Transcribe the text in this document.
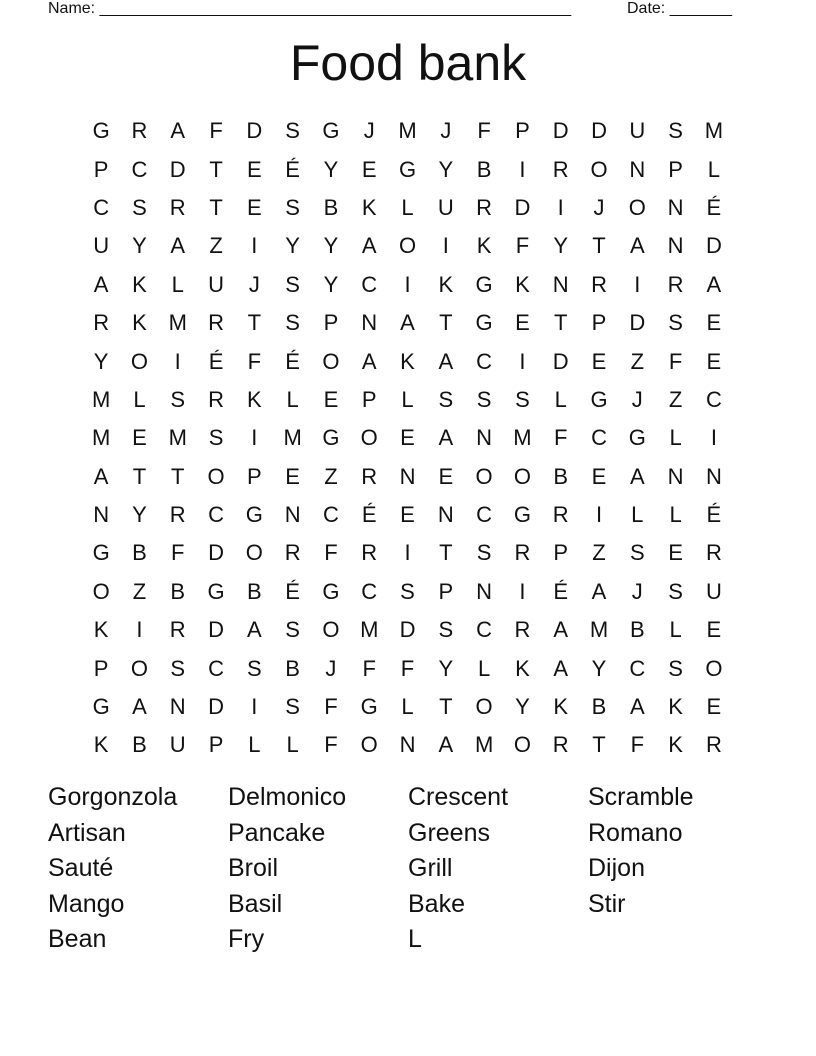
Name: _____________________________________________________	Date: _______
Food bank
G R	A	F	D	S	G	J	M	J	F	P	D	D	U	S M
P	C	D	T	E	É	Y	E	G	Y	B	I	R O N	P	L
C	S	R	T	E	S	B	K	L	U	R	D	I	J	O N	É
U	Y	A	Z	I	Y	Y	A	O	I	K	F	Y	T	A	N	D
A	K	L	U	J	S	Y	C	I	K	G	K	N	R	I	R	A
R	K M R	T	S	P	N	A	T	G	E	T	P	D	S	E
Y	O	I	É	F	É	O	A	K	A	C	I	D	E	Z	F	E
M	L	S	R	K	L	E	P	L	S	S	S	L	G	J	Z	C
M E M S	I	M G O	E	A	N M	F	C G	L	I
A	T	T	O	P	E	Z	R	N	E	O O	B	E	A	N	N
N	Y	R	C G N	C	É	E	N	C G R	I	L	L	É
G	B	F	D O R	F	R	I	T	S	R	P	Z	S	E	R
O	Z	B	G	B	É	G C	S	P	N	I	É	A	J	S	U
K	I	R	D	A	S	O M D	S	C	R	A M B	L	E
P	O	S	C	S	B	J	F	F	Y	L	K	A	Y	C	S	O
G	A	N	D	I	S	F	G	L	T	O	Y	K	B	A	K	E
K	B	U	P	L	L	F	O N	A M O R	T	F	K	R
Gorgonzola	Delmonico	Crescent	Scramble
Artisan	Pancake	Greens	Romano
Sauté	Broil	Grill	Dijon
Mango	Basil	Bake	Stir
Bean	Fry	L
